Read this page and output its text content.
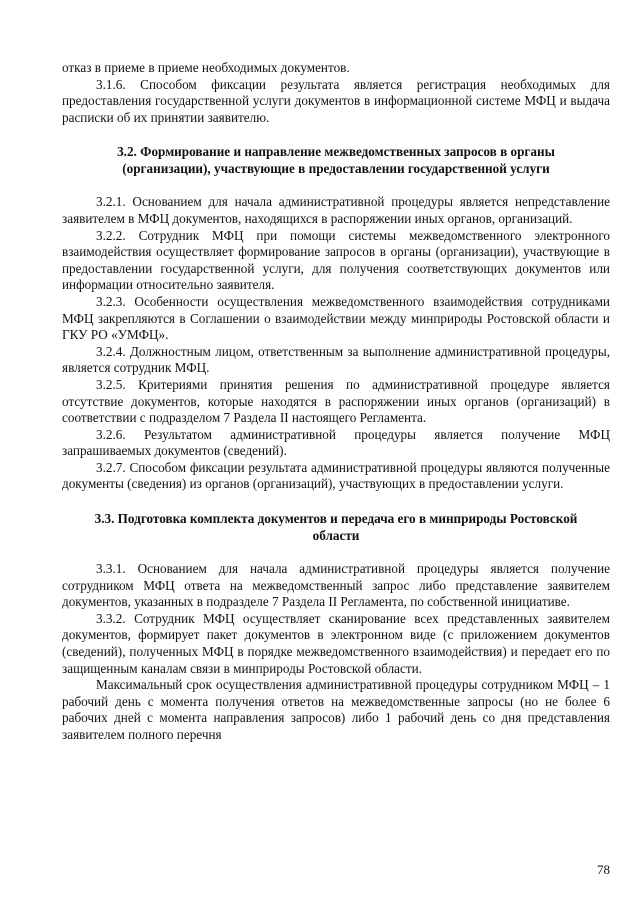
отказ в приеме в приеме необходимых документов.

3.1.6. Способом фиксации результата является регистрация необходимых для предоставления государственной услуги документов в информационной системе МФЦ и выдача расписки об их принятии заявителю.

3.2. Формирование и направление межведомственных запросов в органы (организации), участвующие в предоставлении государственной услуги

3.2.1. Основанием для начала административной процедуры является непредставление заявителем в МФЦ документов, находящихся в распоряжении иных органов, организаций.

3.2.2. Сотрудник МФЦ при помощи системы межведомственного электронного взаимодействия осуществляет формирование запросов в органы (организации), участвующие в предоставлении государственной услуги, для получения соответствующих документов или информации относительно заявителя.

3.2.3. Особенности осуществления межведомственного взаимодействия сотрудниками МФЦ закрепляются в Соглашении о взаимодействии между минприроды Ростовской области и ГКУ РО «УМФЦ».

3.2.4. Должностным лицом, ответственным за выполнение административной процедуры, является сотрудник МФЦ.

3.2.5. Критериями принятия решения по административной процедуре является отсутствие документов, которые находятся в распоряжении иных органов (организаций) в соответствии с подразделом 7 Раздела II настоящего Регламента.

3.2.6. Результатом административной процедуры является получение МФЦ запрашиваемых документов (сведений).

3.2.7. Способом фиксации результата административной процедуры являются полученные документы (сведения) из органов (организаций), участвующих в предоставлении услуги.

3.3. Подготовка комплекта документов и передача его в минприроды Ростовской области

3.3.1. Основанием для начала административной процедуры является получение сотрудником МФЦ ответа на межведомственный запрос либо представление заявителем документов, указанных в подразделе 7 Раздела II Регламента, по собственной инициативе.

3.3.2. Сотрудник МФЦ осуществляет сканирование всех представленных заявителем документов, формирует пакет документов в электронном виде (с приложением документов (сведений), полученных МФЦ в порядке межведомственного взаимодействия) и передает его по защищенным каналам связи в минприроды Ростовской области.

Максимальный срок осуществления административной процедуры сотрудником МФЦ – 1 рабочий день с момента получения ответов на межведомственные запросы (но не более 6 рабочих дней с момента направления запросов) либо 1 рабочий день со дня представления заявителем полного перечня

78
